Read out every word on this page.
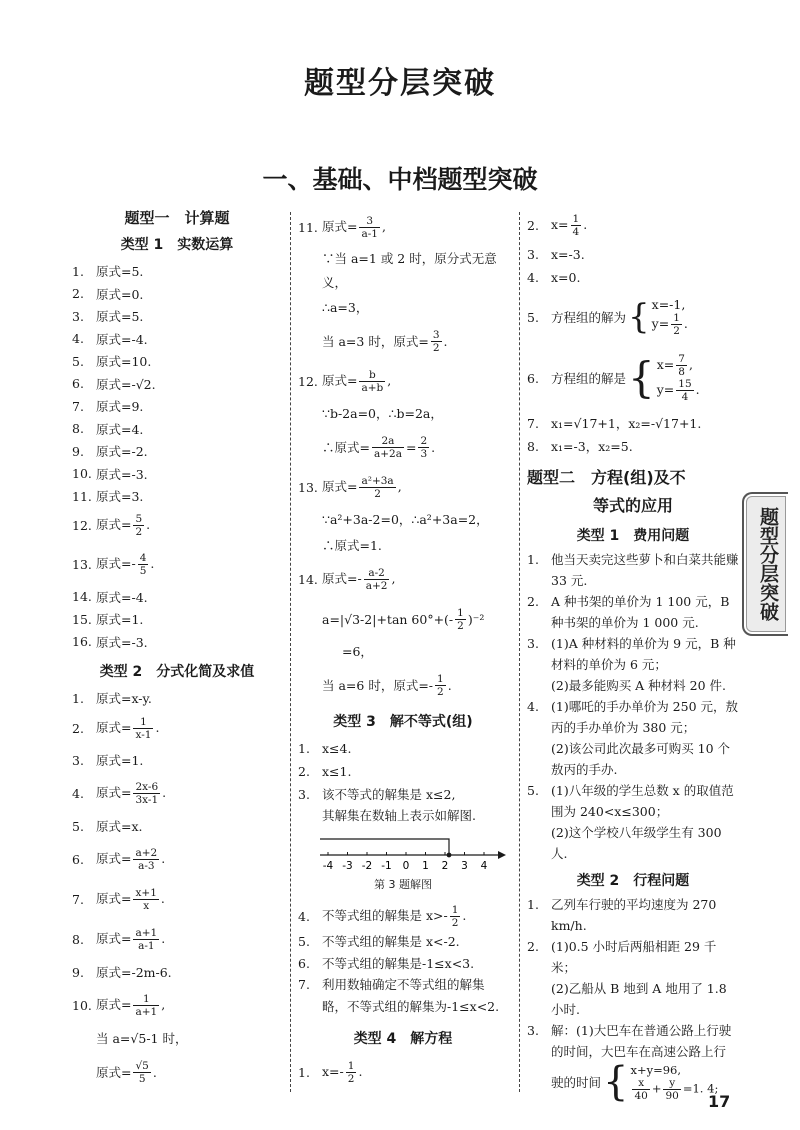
题型分层突破
一、基础、中档题型突破
题型一　计算题
类型 1　实数运算
1. 原式=5.
2. 原式=0.
3. 原式=5.
4. 原式=-4.
5. 原式=10.
6. 原式=-√2.
7. 原式=9.
8. 原式=4.
9. 原式=-2.
10. 原式=-3.
11. 原式=3.
12. 原式= $\frac{5}{2}$ .
13. 原式=- $\frac{4}{5}$ .
14. 原式=-4.
15. 原式=1.
16. 原式=-3.
类型 2　分式化简及求值
1. 原式=x-y.
2. 原式= $\frac{1}{x-1}$ .
3. 原式=1.
4. 原式= $\frac{2x-6}{3x-1}$ .
5. 原式=x.
6. 原式= $\frac{a+2}{a-3}$ .
7. 原式= $\frac{x+1}{x}$ .
8. 原式= $\frac{a+1}{a-1}$ .
9. 原式=-2m-6.
10. 原式= $\frac{1}{a+1}$ ,
当 a=√5-1 时，
原式= $\frac{√5}{5}$ .
11. 原式= $\frac{3}{a-1}$ ,
∵当 a=1 或 2 时，原分式无意义，
∴a=3，
当 a=3 时，原式= $\frac{3}{2}$ .
12. 原式= $\frac{b}{a+b}$ ,
∵b-2a=0，∴b=2a，
∴原式= $\frac{2a}{a+2a} = \frac{2}{3}$ .
13. 原式= $\frac{\text{a²+3a}}{2}$ ,
∵a²+3a-2=0，∴a²+3a=2，
∴原式=1.
14. 原式=- $\frac{a-2}{a+2}$ ,
a=|√3-2|+tan $60^\circ+(- \frac{1}{2} )^{-2}$
=6，
当 a=6 时，原式=- $\frac{1}{2}$ .
类型 3　解不等式(组)
1. x≤4.
2. x≤1.
3. 该不等式的解集是 x≤2,
其解集在数轴上表示如解图.
-4 -3 -2 -1 0 1 2 3 4
第 3 题解图
4. 不等式组的解集是 $x>- \frac{1}{2}$ .
5. 不等式组的解集是 x<-2.
6. 不等式组的解集是-1≤x<3.
7. 利用数轴确定不等式组的解集略，不等式组的解集为-1≤x<2.
类型 4　解方程
1. $x=- \frac{1}{2}$ .
2. $x= \frac{1}{4}$ .
3. x=-3.
4. x=0.
5. 方程组的解为 { x=-1,
$y= \frac{1}{2}$ .
6. 方程组的解是 { $x= \frac{7}{8}$ ,
$y= \frac{15}{4}$ .
7. x₁=√17+1，x₂=-√17+1.
8. x₁=-3，x₂=5.
题型二　方程(组)及不
等式的应用
类型 1　费用问题
1. 他当天卖完这些萝卜和白菜共能赚 33 元.
2. A 种书架的单价为 1 100 元，B 种书架的单价为 1 000 元.
3. (1)A 种材料的单价为 9 元，B 种材料的单价为 6 元；
(2)最多能购买 A 种材料 20 件.
4. (1)哪吒的手办单价为 250 元，敖丙的手办单价为 380 元；
(2)该公司此次最多可购买 10 个敖丙的手办.
5. (1)八年级的学生总数 x 的取值范围为 240<x≤300；
(2)这个学校八年级学生有 300 人.
类型 2　行程问题
1. 乙列车行驶的平均速度为 270 km/h.
2. (1)0.5 小时后两船相距 29 千米；
(2)乙船从 B 地到 A 地用了 1.8 小时.
3. 解：(1)大巴车在普通公路上行驶的时间，大巴车在高速公路上行
驶的时间 { x+y=96,
$\frac{x}{40} + \frac{y}{90} =1$. 4;
题型分层突破
17
